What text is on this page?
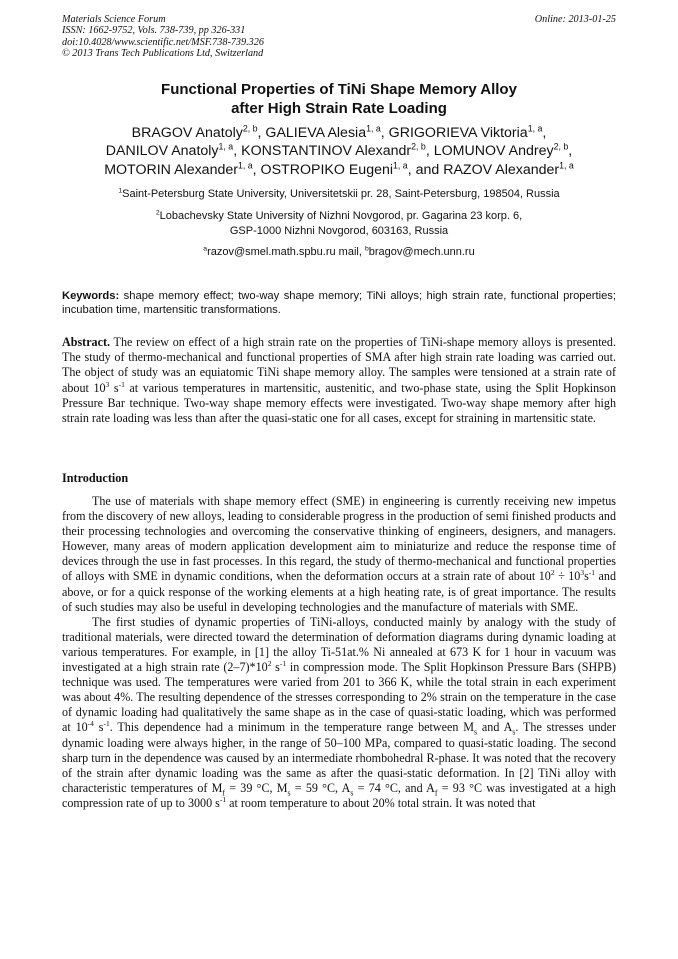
Materials Science Forum
ISSN: 1662-9752, Vols. 738-739, pp 326-331
doi:10.4028/www.scientific.net/MSF.738-739.326
© 2013 Trans Tech Publications Ltd, Switzerland
Online: 2013-01-25
Functional Properties of TiNi Shape Memory Alloy
after High Strain Rate Loading
BRAGOV Anatoly$^{2, b}$, GALIEVA Alesia$^{1, a}$, GRIGORIEVA Viktoria$^{1, a}$,
DANILOV Anatoly$^{1, a}$, KONSTANTINOV Alexandr$^{2, b}$, LOMUNOV Andrey$^{2, b}$,
MOTORIN Alexander$^{1, a}$, OSTROPIKO Eugeni$^{1, a}$, and RAZOV Alexander$^{1, a}$
$^1$Saint-Petersburg State University, Universitetskii pr. 28, Saint-Petersburg, 198504, Russia
$^2$Lobachevsky State University of Nizhni Novgorod, pr. Gagarina 23 korp. 6,
GSP-1000 Nizhni Novgorod, 603163, Russia
$^a$razov@smel.math.spbu.ru mail, $^b$bragov@mech.unn.ru
Keywords: shape memory effect; two-way shape memory; TiNi alloys; high strain rate, functional properties; incubation time, martensitic transformations.
Abstract. The review on effect of a high strain rate on the properties of TiNi-shape memory alloys is presented. The study of thermo-mechanical and functional properties of SMA after high strain rate loading was carried out. The object of study was an equiatomic TiNi shape memory alloy. The samples were tensioned at a strain rate of about $10^3$ $s^{-1}$ at various temperatures in martensitic, austenitic, and two-phase state, using the Split Hopkinson Pressure Bar technique. Two-way shape memory effects were investigated. Two-way shape memory after high strain rate loading was less than after the quasi-static one for all cases, except for straining in martensitic state.
Introduction

The use of materials with shape memory effect (SME) in engineering is currently receiving new impetus from the discovery of new alloys, leading to considerable progress in the production of semi finished products and their processing technologies and overcoming the conservative thinking of engineers, designers, and managers. However, many areas of modern application development aim to miniaturize and reduce the response time of devices through the use in fast processes. In this regard, the study of thermo-mechanical and functional properties of alloys with SME in dynamic conditions, when the deformation occurs at a strain rate of about $10^2 \div 10^3s^{-1}$ and above, or for a quick response of the working elements at a high heating rate, is of great importance. The results of such studies may also be useful in developing technologies and the manufacture of materials with SME.

The first studies of dynamic properties of TiNi-alloys, conducted mainly by analogy with the study of traditional materials, were directed toward the determination of deformation diagrams during dynamic loading at various temperatures. For example, in [1] the alloy Ti-51at.% Ni annealed at 673 K for 1 hour in vacuum was investigated at a high strain rate $(2-7)*10^2$ $s^{-1}$ in compression mode. The Split Hopkinson Pressure Bars (SHPB) technique was used. The temperatures were varied from 201 to 366 K, while the total strain in each experiment was about 4%. The resulting dependence of the stresses corresponding to 2% strain on the temperature in the case of dynamic loading had qualitatively the same shape as in the case of quasi-static loading, which was performed at $10^{-4}$ $s^{-1}$. This dependence had a minimum in the temperature range between $M_s$ and $A_s$. The stresses under dynamic loading were always higher, in the range of 50–100 MPa, compared to quasi-static loading. The second sharp turn in the dependence was caused by an intermediate rhombohedral R-phase. It was noted that the recovery of the strain after dynamic loading was the same as after the quasi-static deformation. In [2] TiNi alloy with characteristic temperatures of $M_f = 39$ °C, $M_s = 59$ °C, $A_s = 74$ °C, and $A_f = 93$ °C was investigated at a high compression rate of up to 3000 $s^{-1}$ at room temperature to about 20% total strain. It was noted that
